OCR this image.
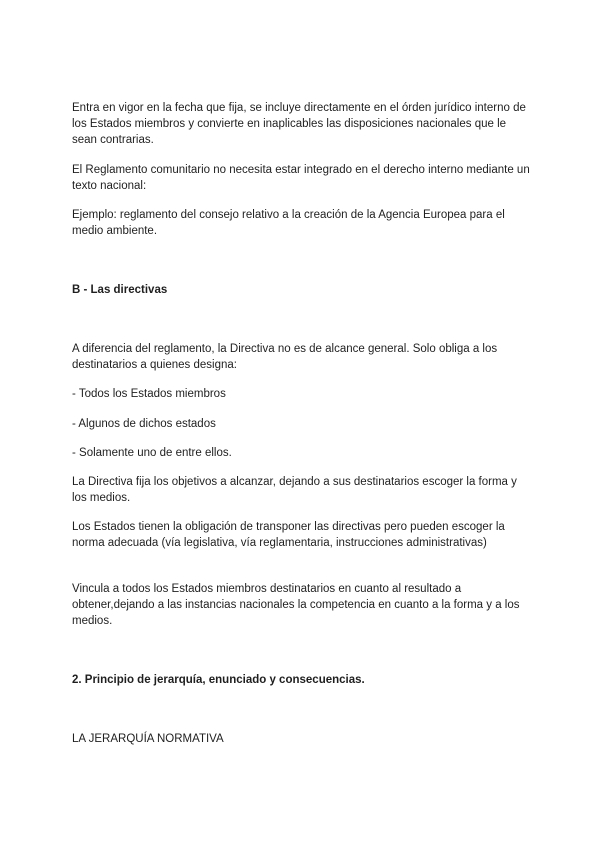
Entra en vigor en la fecha que fija, se incluye directamente en el órden jurídico interno de los Estados miembros y convierte en inaplicables las disposiciones nacionales que le sean contrarias.

El Reglamento comunitario no necesita estar integrado en el derecho interno mediante un texto nacional:

Ejemplo: reglamento del consejo relativo a la creación de la Agencia Europea para el medio ambiente.

B - Las directivas

A diferencia del reglamento, la Directiva no es de alcance general. Solo obliga a los destinatarios a quienes designa:

- Todos los Estados miembros

- Algunos de dichos estados

- Solamente uno de entre ellos.

La Directiva fija los objetivos a alcanzar, dejando a sus destinatarios escoger la forma y los medios.

Los Estados tienen la obligación de transponer las directivas pero pueden escoger la norma adecuada (vía legislativa, vía reglamentaria, instrucciones administrativas)

Vincula a todos los Estados miembros destinatarios en cuanto al resultado a obtener,dejando a las instancias nacionales la competencia en cuanto a la forma y a los medios.

2. Principio de jerarquía, enunciado y consecuencias.

LA JERARQUÍA NORMATIVA
